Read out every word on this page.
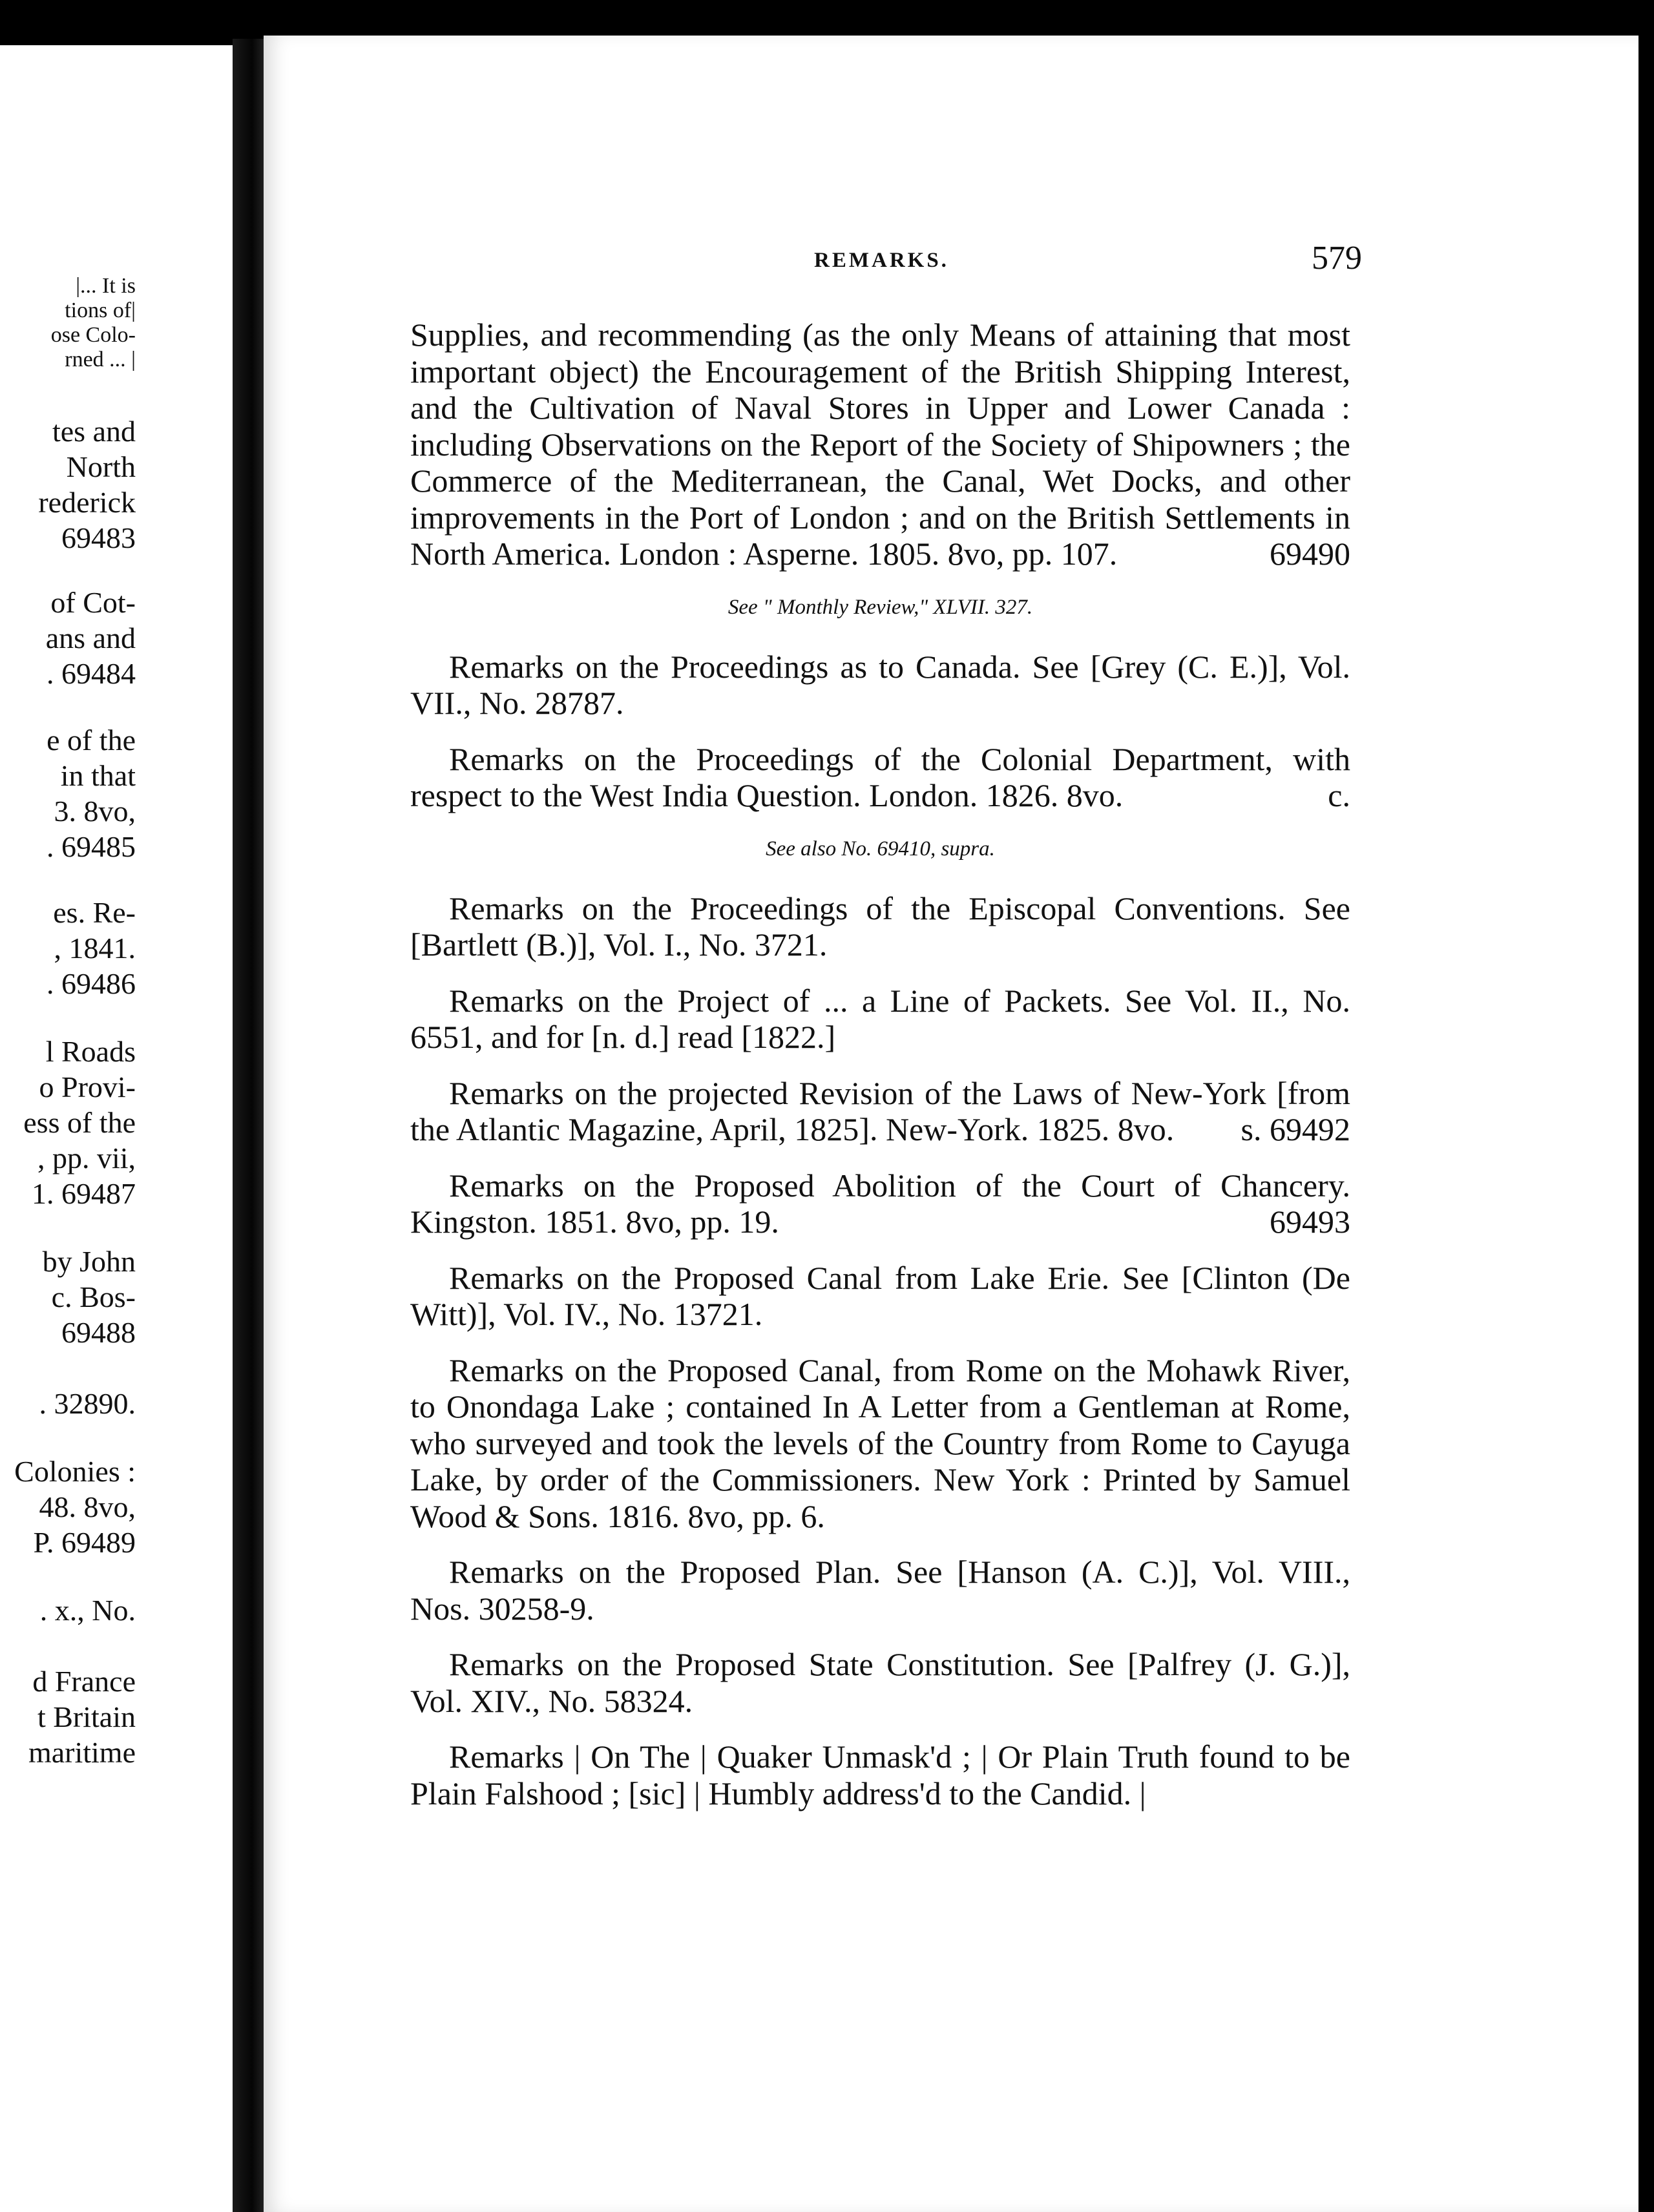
|... It is
tions of|
ose Colo-
rned ... |
tes and
North
rederick
69483
of Cot-
ans and
. 69484
e of the
in that
3. 8vo,
. 69485
es. Re-
, 1841.
. 69486
l Roads
o Provi-
ess of the
, pp. vii,
1. 69487
by John
c. Bos-
69488
. 32890.
Colonies :
48. 8vo,
P. 69489
. x., No.
d France
t Britain
maritime
REMARKS.	579
Supplies, and recommending (as the only Means of attaining that most important object) the Encouragement of the British Shipping Interest, and the Cultivation of Naval Stores in Upper and Lower Canada : including Observations on the Report of the Society of Shipowners ; the Commerce of the Mediterranean, the Canal, Wet Docks, and other improvements in the Port of London ; and on the British Settlements in North America. London : Asperne. 1805. 8vo, pp. 107.	69490
See " Monthly Review," XLVII. 327.
Remarks on the Proceedings as to Canada. See [Grey (C. E.)], Vol. VII., No. 28787.
Remarks on the Proceedings of the Colonial Department, with respect to the West India Question. London. 1826. 8vo.	c.
See also No. 69410, supra.
Remarks on the Proceedings of the Episcopal Conventions. See [Bartlett (B.)], Vol. I., No. 3721.
Remarks on the Project of ... a Line of Packets. See Vol. II., No. 6551, and for [n. d.] read [1822.]
Remarks on the projected Revision of the Laws of New-York [from the Atlantic Magazine, April, 1825]. New-York. 1825. 8vo. s. 69492
Remarks on the Proposed Abolition of the Court of Chancery. Kingston. 1851. 8vo, pp. 19.	69493
Remarks on the Proposed Canal from Lake Erie. See [Clinton (De Witt)], Vol. IV., No. 13721.
Remarks on the Proposed Canal, from Rome on the Mohawk River, to Onondaga Lake ; contained In A Letter from a Gentleman at Rome, who surveyed and took the levels of the Country from Rome to Cayuga Lake, by order of the Commissioners. New York : Printed by Samuel Wood & Sons. 1816. 8vo, pp. 6.
Remarks on the Proposed Plan. See [Hanson (A. C.)], Vol. VIII., Nos. 30258-9.
Remarks on the Proposed State Constitution. See [Palfrey (J. G.)], Vol. XIV., No. 58324.
Remarks | On The | Quaker Unmask'd ; | Or Plain Truth found to be Plain Falshood ; [sic] | Humbly address'd to the Candid. |
